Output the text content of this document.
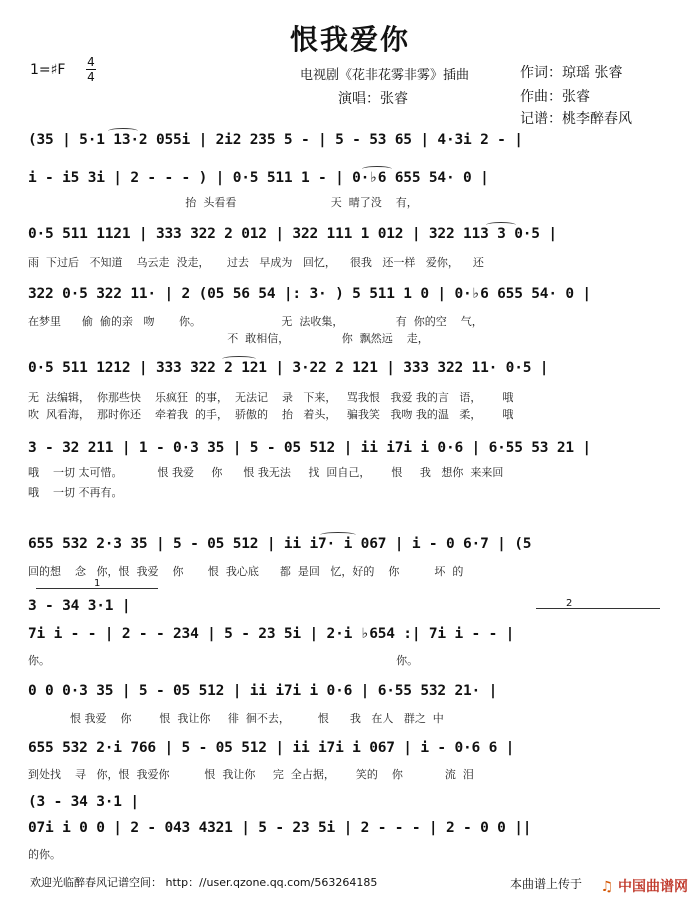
恨我爱你
1=♯F 4
4	电视剧《花非花雾非雾》插曲
演唱：张睿
作词：琼瑶 张睿
作曲：张睿
记谱：桃李醉春风
(35 | 5·1 13·2 055i | 2i2 235 5 - | 5 - 53 65 | 4·3i 2 - |
i - i5 3i | 2 - - - ) | 0·5 511 1 - | 0·♭6 655 54· 0 |
抬  头看看                           天  晴了没    有，
0·5 511 1121 | 333 322 2 012 | 322 111 1 012 | 322 113 3 0·5 |
雨  下过后   不知道    乌云走  没走，     过去   早成为   回忆，    很我   还一样   爱你，    还
322 0·5 322 11· | 2 (05 56 54 |: 3· ) 5 511 1 0 | 0·♭6 655 54· 0 |
在梦里      偷  偷的亲   吻       你。                       无  法收集，               有  你的空    气，
不  敢相信，               你  飘然远    走，
0·5 511 1212 | 333 322 2 121 | 3·22 2 121 | 333 322 11· 0·5 |
无  法编辑，  你那些快    乐疯狂  的事，  无法记    录   下来，   骂我恨   我爱 我的言   语，      哦
吹  风看海，  那时你还    牵着我  的手，  骄傲的    抬   着头，   骗我笑   我吻 我的温   柔，      哦
3 - 32 211 | 1 - 0·3 35 | 5 - 05 512 | ii i7i i 0·6 | 6·55 53 21 |
哦    一切 太可惜。          恨 我爱     你      恨 我无法     找  回自己，      恨     我   想你  来来回
哦    一切 不再有。
655 532 2·3 35 | 5 - 05 512 | ii i7· i 067 | i - 0 6·7 | (5
回的想    念   你，恨  我爱    你       恨  我心底      都  是回   忆，好的    你          坏  的
1
3 - 34 3·1 |	2
7i i - - | 2 - - 234 | 5 - 23 5i | 2·i ♭654 :| 7i i - - |
你。                                                                                                   你。
0 0 0·3 35 | 5 - 05 512 | ii i7i i 0·6 | 6·55 532 21· |
恨 我爱    你        恨  我让你     徘  徊不去，        恨      我   在人   群之  中
655 532 2·i 766 | 5 - 05 512 | ii i7i i 067 | i - 0·6 6 |
到处找    寻   你，恨  我爱你          恨  我让你     完  全占据，      笑的    你            流  泪
(3 - 34 3·1 |
07i i 0 0 | 2 - 043 4321 | 5 - 23 5i | 2 - - - | 2 - 0 0 ||
的你。
欢迎光临醉春风记谱空间： http：//user.qzone.qq.com/563264185	本曲谱上传于 ♫ 中国曲谱网
